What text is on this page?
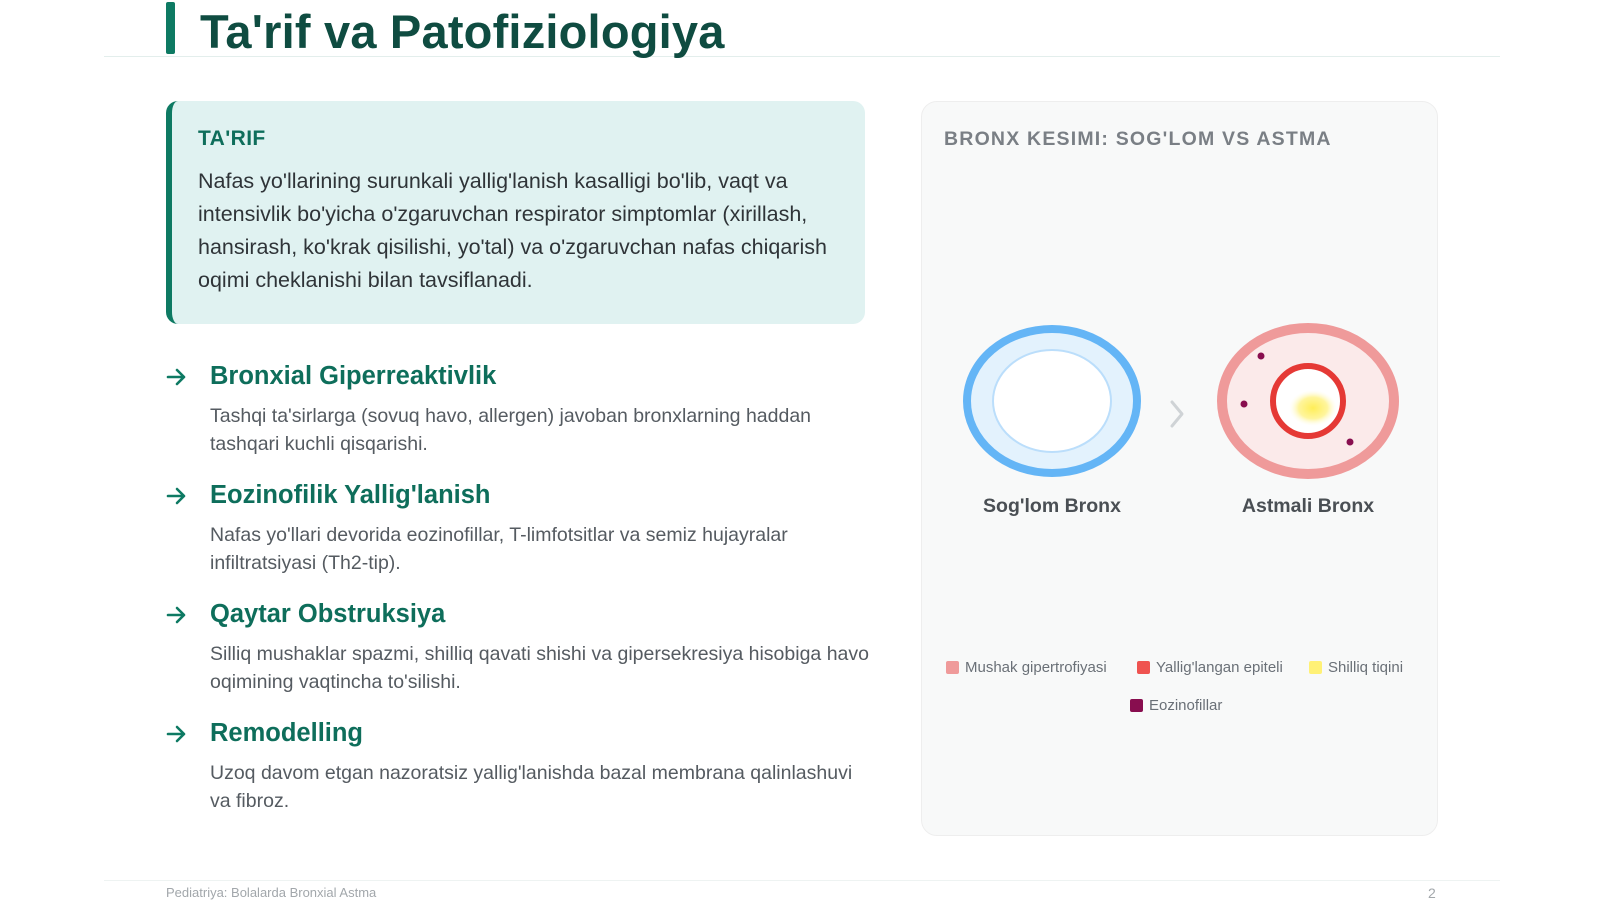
Ta'rif va Patofiziologiya
TA'RIF

Nafas yo'llarining surunkali yallig'lanish kasalligi bo'lib, vaqt va intensivlik bo'yicha o'zgaruvchan respirator simptomlar (xirillash, hansirash, ko'krak qisilishi, yo'tal) va o'zgaruvchan nafas chiqarish oqimi cheklanishi bilan tavsiflanadi.

Bronxial Giperreaktivlik
Tashqi ta'sirlarga (sovuq havo, allergen) javoban bronxlarning haddan tashqari kuchli qisqarishi.
Eozinofilik Yallig'lanish
Nafas yo'llari devorida eozinofillar, T-limfotsitlar va semiz hujayralar infiltratsiyasi (Th2-tip).
Qaytar Obstruksiya
Silliq mushaklar spazmi, shilliq qavati shishi va gipersekresiya hisobiga havo oqimining vaqtincha to'silishi.
Remodelling
Uzoq davom etgan nazoratsiz yallig'lanishda bazal membrana qalinlashuvi va fibroz.
Sog'lom Bronx	Astmali Bronx
BRONX KESIMI: SOG'LOM VS ASTMA
Mushak gipertrofiyasi	Yallig'langan epiteli	Shilliq tiqini
Eozinofillar
Pediatriya: Bolalarda Bronxial Astma	2
